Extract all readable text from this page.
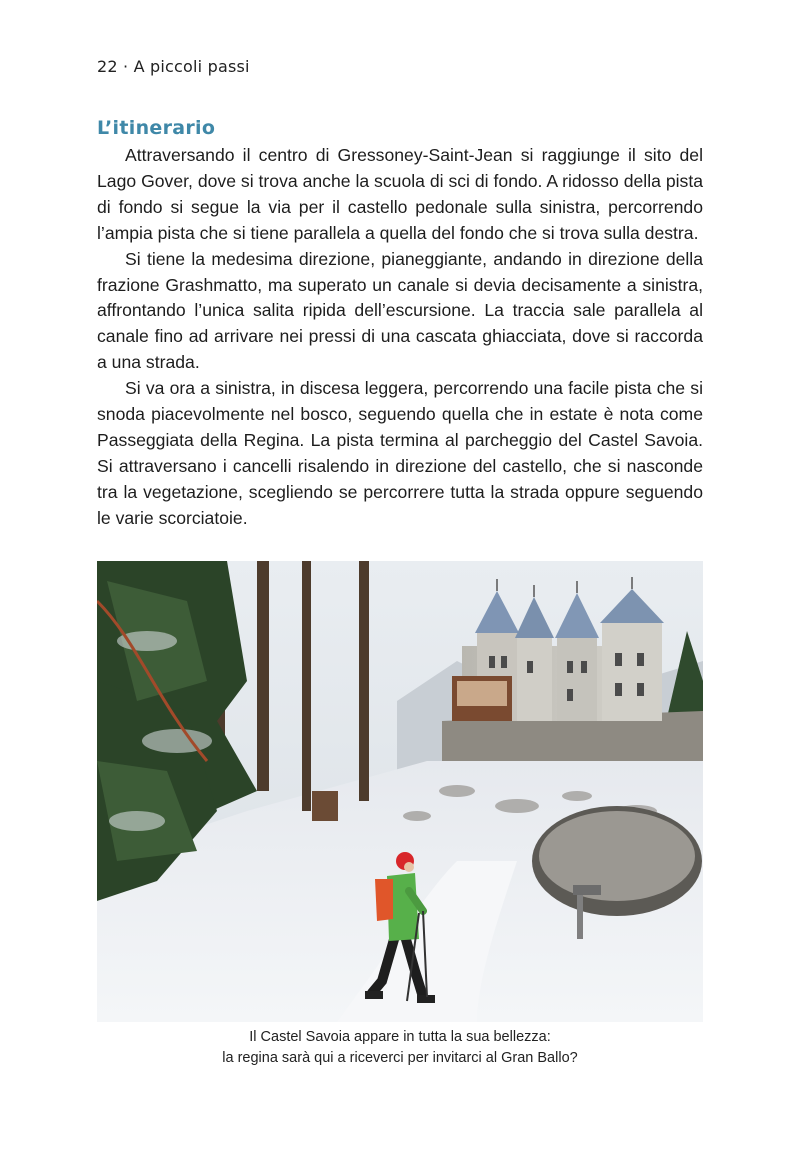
22 · A piccoli passi
L’itinerario

Attraversando il centro di Gressoney-Saint-Jean si raggiunge il sito del Lago Gover, dove si trova anche la scuola di sci di fondo. A ridosso della pista di fondo si segue la via per il castello pedonale sulla sinistra, percorrendo l’ampia pista che si tiene parallela a quella del fondo che si trova sulla destra.

Si tiene la medesima direzione, pianeggiante, andando in direzione della frazione Grashmatto, ma superato un canale si devia decisamente a sinistra, affrontando l’unica salita ripida dell’escursione. La traccia sale parallela al canale fino ad arrivare nei pressi di una cascata ghiacciata, dove si raccorda a una strada.

Si va ora a sinistra, in discesa leggera, percorrendo una facile pista che si snoda piacevolmente nel bosco, seguendo quella che in estate è nota come Passeggiata della Regina. La pista termina al parcheggio del Castel Savoia. Si attraversano i cancelli risalendo in direzione del castello, che si nasconde tra la vegetazione, scegliendo se percorrere tutta la strada oppure seguendo le varie scorciatoie.

Il Castel Savoia appare in tutta la sua bellezza:
la regina sarà qui a riceverci per invitarci al Gran Ballo?
